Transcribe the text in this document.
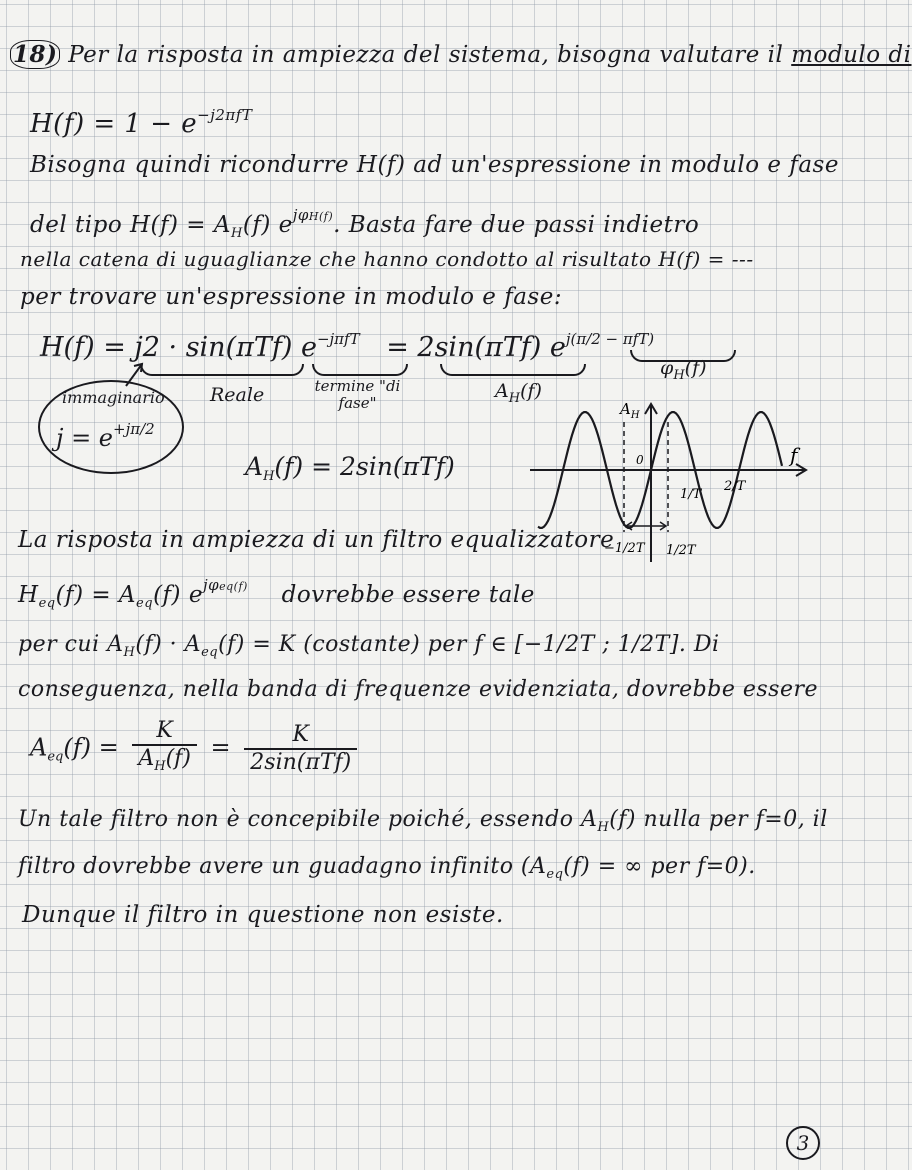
18) Per la risposta in ampiezza del sistema, bisogna valutare il modulo di
$H(f) = 1 - e^{-j2\pi fT}$
Bisogna quindi ricondurre H(f) ad un'espressione in modulo e fase
del tipo $H(f) = A_H(f)$ $e^{j\varphi H(f)}$. Basta fare due passi indietro
nella catena di uguaglianze che hanno condotto al risultato H(f) = ---
per trovare un'espressione in modulo e fase:
H(f) = j2 · sin(πTf) $e^{-j\pi fT} = 2\sin(\pi Tf)$ $e^{j(\pi/2 - \pi fT)}$
Reale	termine "di fase"
$A_H(f)$
$\varphi_H(f)$
immaginario
$j = e^{+j\pi/2}$
$A_H(f) = 2\sin(\pi Tf)$
$A_H$
f
0
1/T
2/T
−1/2T 1/2T
La risposta in ampiezza di un filtro equalizzatore
$H_{eq}(f) = A_{eq}(f)$ $e^{j\varphi eq(f)}$ dovrebbe essere tale
per cui $A_H(f) \cdot A_{eq}(f) = K$ (costante) per f ∈ [−1/2T ; 1/2T]. Di
conseguenza, nella banda di frequenze evidenziata, dovrebbe essere
$A_{eq}(f) = \frac{K}{A_H(f)} = \frac{K}{\text{2sin(πTf)}}$
Un tale filtro non è concepibile poiché, essendo $A_H(f)$ nulla per f=0, il
filtro dovrebbe avere un guadagno infinito ($A_{eq}(f)$ = ∞ per f=0).
Dunque il filtro in questione non esiste.
3
